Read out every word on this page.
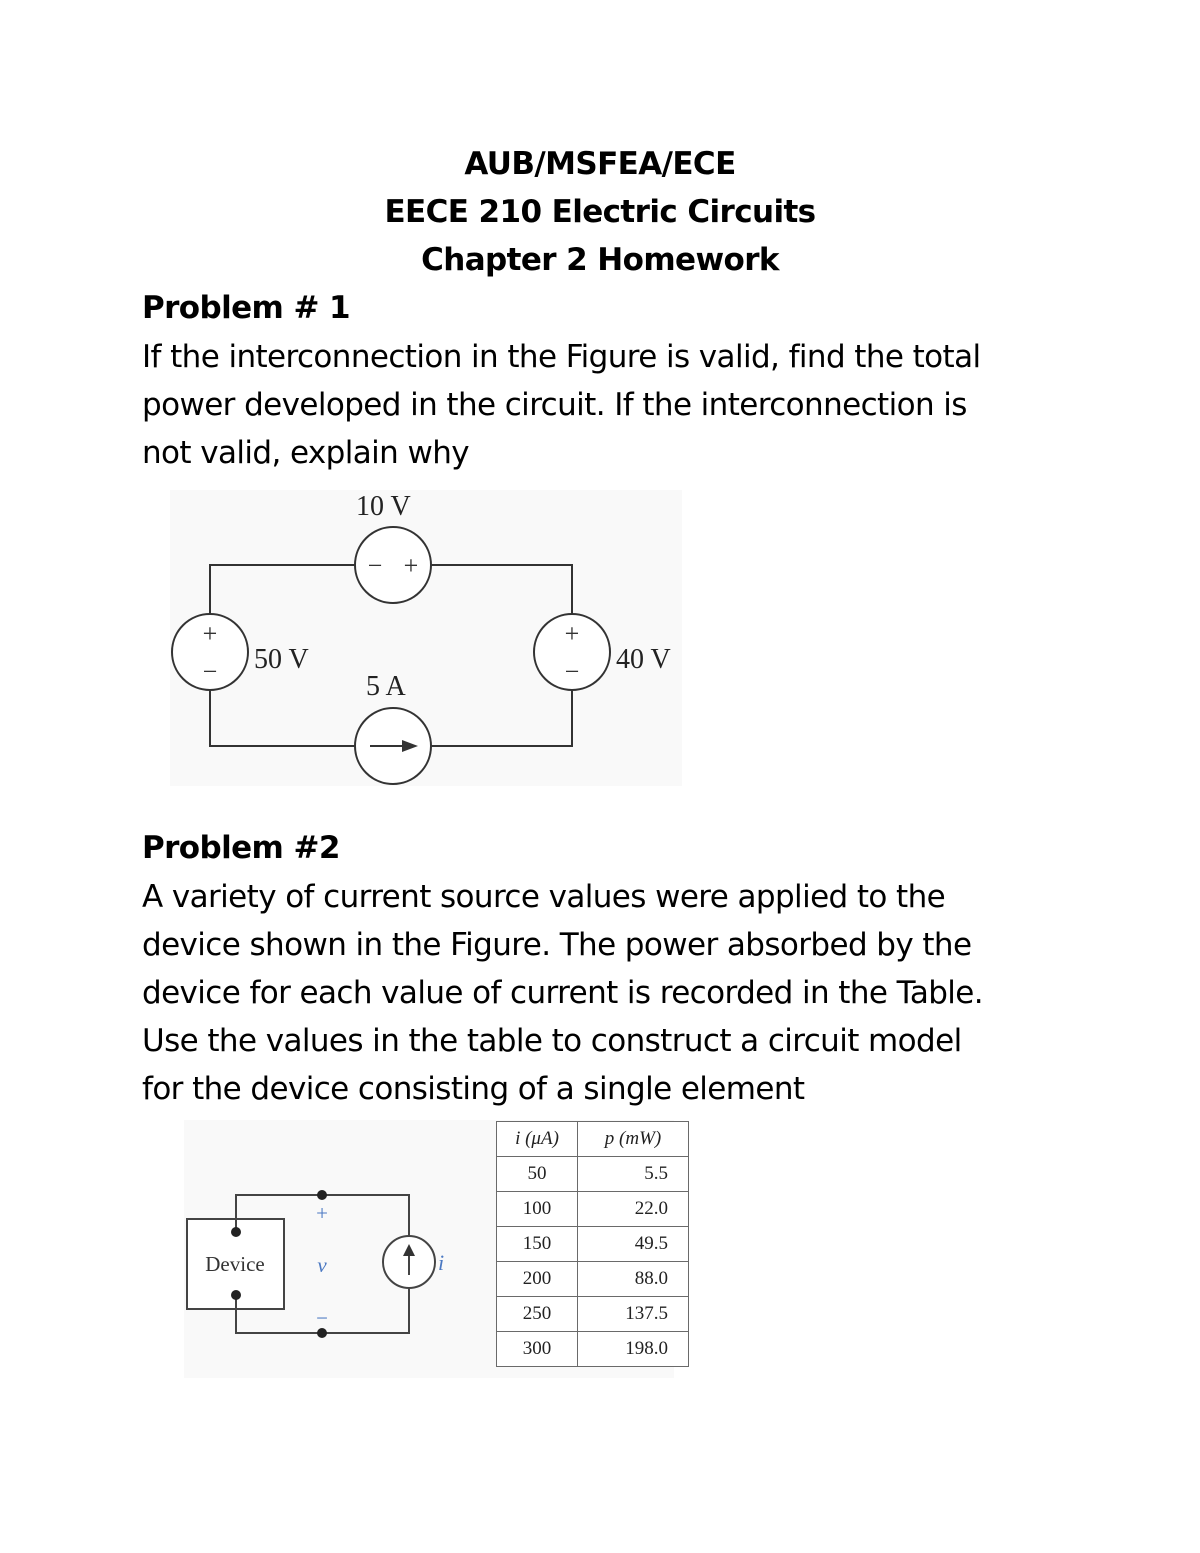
AUB/MSFEA/ECE
EECE 210 Electric Circuits
Chapter 2 Homework
Problem # 1
If the interconnection in the Figure is valid, find the total
power developed in the circuit. If the interconnection is
not valid, explain why
− +
+
−
+
−
10 V
50 V	40 V
5 A
Problem #2
A variety of current source values were applied to the
device shown in the Figure. The power absorbed by the
device for each value of current is recorded in the Table.
Use the values in the table to construct a circuit model
for the device consisting of a single element
Device
+
v
−
i
i (μA)	p (mW)
50	5.5
100	22.0
150	49.5
200	88.0
250	137.5
300	198.0
